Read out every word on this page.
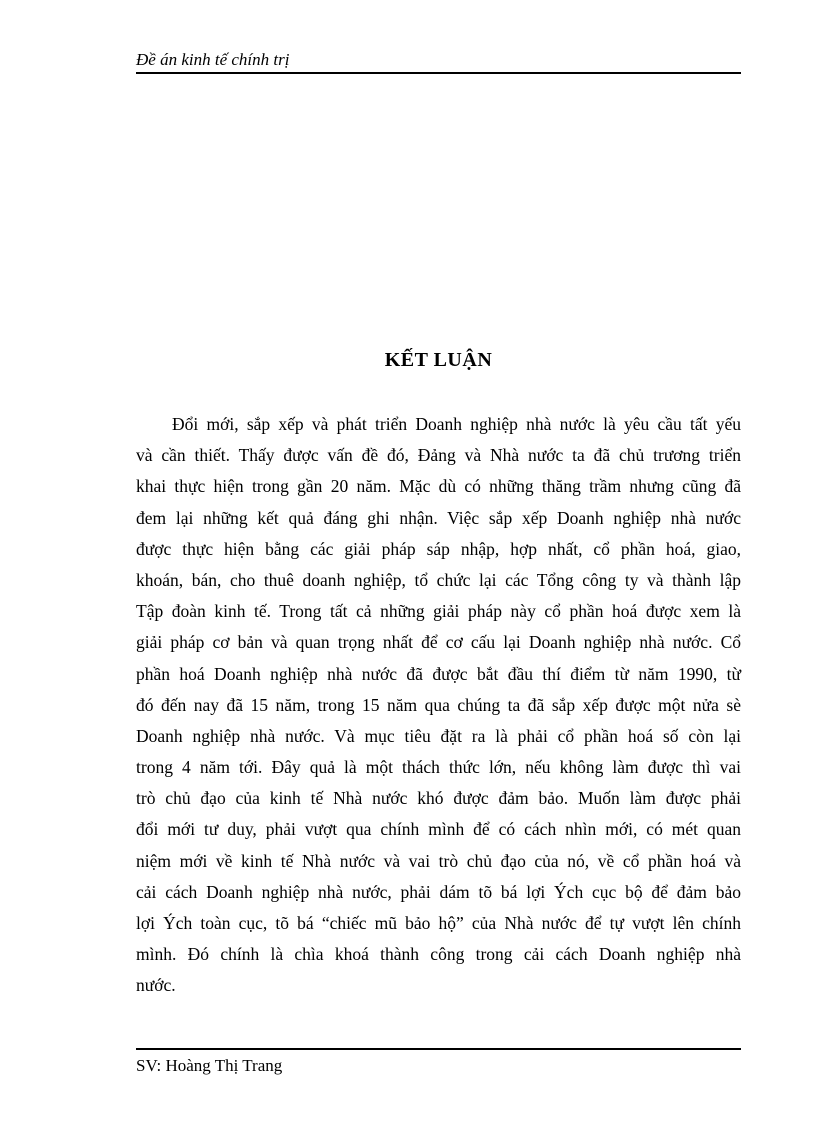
Đề án kinh tế chính trị
KẾT LUẬN
Đổi mới, sắp xếp và phát triển Doanh nghiệp nhà nước là yêu cầu tất yếu
và cần thiết. Thấy được vấn đề đó, Đảng và Nhà nước ta đã chủ trương triển
khai thực hiện trong gần 20 năm. Mặc dù có những thăng trầm nhưng cũng đã
đem lại những kết quả đáng ghi nhận. Việc sắp xếp Doanh nghiệp nhà nước
được thực hiện bằng các giải pháp sáp nhập, hợp nhất, cổ phần hoá, giao,
khoán, bán, cho thuê doanh nghiệp, tổ chức lại các Tổng công ty và thành lập
Tập đoàn kinh tế. Trong tất cả những giải pháp này cổ phần hoá được xem là
giải pháp cơ bản và quan trọng nhất để cơ cấu lại Doanh nghiệp nhà nước. Cổ
phần hoá Doanh nghiệp nhà nước đã được bắt đầu thí điểm từ năm 1990, từ
đó đến nay đã 15 năm, trong 15 năm qua chúng ta đã sắp xếp được một nửa sè
Doanh nghiệp nhà nước. Và mục tiêu đặt ra là phải cổ phần hoá số còn lại
trong 4 năm tới. Đây quả là một thách thức lớn, nếu không làm được thì vai
trò chủ đạo của kinh tế Nhà nước khó được đảm bảo. Muốn làm được phải
đổi mới tư duy, phải vượt qua chính mình để có cách nhìn mới, có mét quan
niệm mới về kinh tế Nhà nước và vai trò chủ đạo của nó, về cổ phần hoá và
cải cách Doanh nghiệp nhà nước, phải dám tõ bá lợi Ých cục bộ để đảm bảo
lợi Ých toàn cục, tõ bá “chiếc mũ bảo hộ” của Nhà nước để tự vượt lên chính
mình. Đó chính là chìa khoá thành công trong cải cách Doanh nghiệp nhà
nước.
SV: Hoàng Thị Trang
